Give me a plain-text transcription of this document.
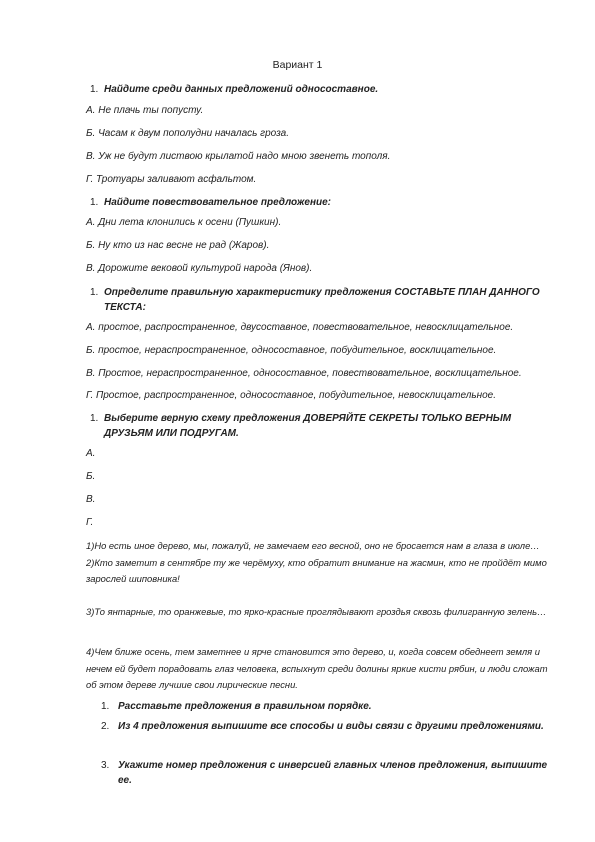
Вариант 1
1. Найдите среди данных предложений односоставное.
А. Не плачь ты попусту.
Б. Часам к двум пополудни началась гроза.
В. Уж не будут листвою крылатой надо мною звенеть тополя.
Г. Тротуары заливают асфальтом.
1. Найдите повествовательное предложение:
А. Дни лета клонились к осени (Пушкин).
Б. Ну кто из нас весне не рад (Жаров).
В. Дорожите вековой культурой народа (Янов).
1. Определите правильную характеристику предложения СОСТАВЬТЕ ПЛАН ДАННОГО ТЕКСТА:
А. простое, распространенное, двусоставное, повествовательное, невосклицательное.
Б. простое, нераспространенное, односоставное, побудительное, восклицательное.
В. Простое, нераспространенное, односоставное, повествовательное, восклицательное.
Г. Простое, распространенное, односоставное, побудительное, невосклицательное.
1. Выберите верную схему предложения ДОВЕРЯЙТЕ СЕКРЕТЫ ТОЛЬКО ВЕРНЫМ ДРУЗЬЯМ ИЛИ ПОДРУГАМ.
А.
Б.
В.
Г.
1)Но есть иное дерево, мы, пожалуй, не замечаем его весной, оно не бросается нам в глаза в июле…
2)Кто заметит в сентябре ту же черёмуху, кто обратит внимание на жасмин, кто не пройдёт мимо зарослей шиповника!
3)То янтарные, то оранжевые, то ярко-красные проглядывают гроздья сквозь филигранную зелень…
4)Чем ближе осень, тем заметнее и ярче становится это дерево, и, когда совсем обеднеет земля и нечем ей будет порадовать глаз человека, вспыхнут среди долины яркие кисти рябин, и люди сложат об этом дереве лучшие свои лирические песни.
1. Расставьте предложения в правильном порядке.
2. Из 4 предложения выпишите все способы и виды связи с другими предложениями.
3. Укажите номер предложения с инверсией главных членов предложения, выпишите ее.
